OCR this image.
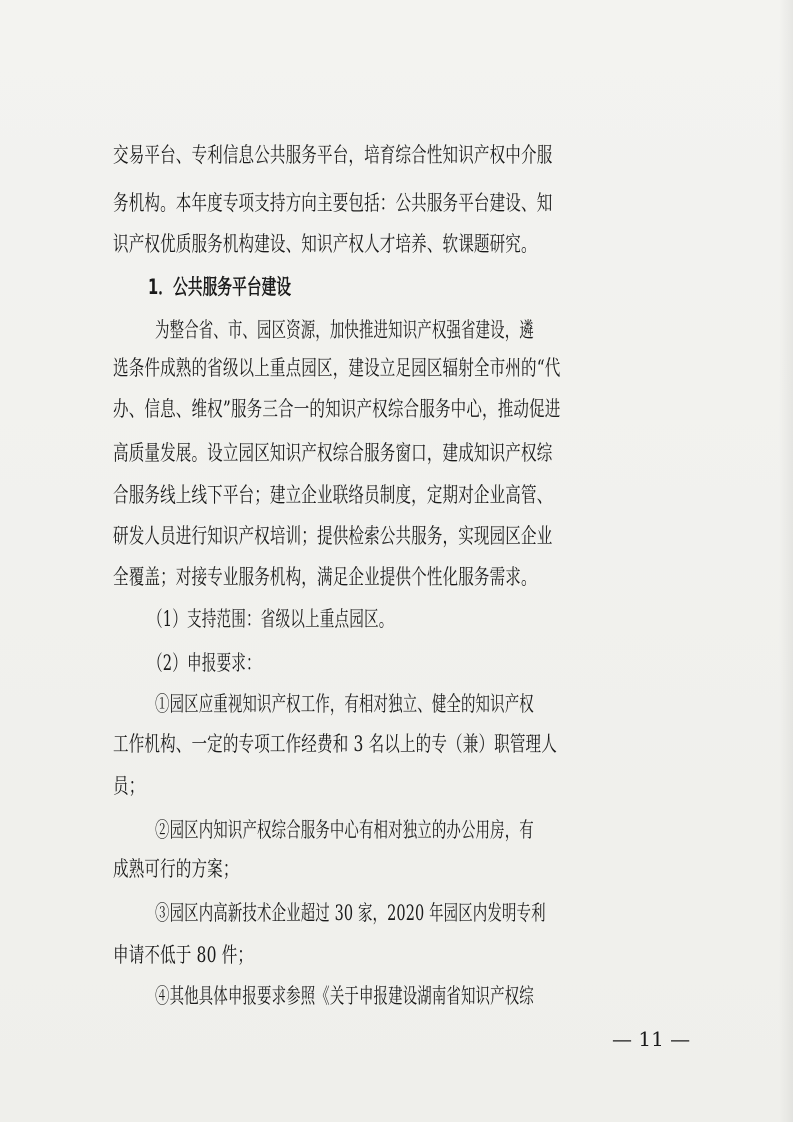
交易平台、专利信息公共服务平台，培育综合性知识产权中介服
务机构。本年度专项支持方向主要包括：公共服务平台建设、知
识产权优质服务机构建设、知识产权人才培养、软课题研究。
1．公共服务平台建设
为整合省、市、园区资源，加快推进知识产权强省建设，遴
选条件成熟的省级以上重点园区，建设立足园区辐射全市州的“代
办、信息、维权”服务三合一的知识产权综合服务中心，推动促进
高质量发展。设立园区知识产权综合服务窗口，建成知识产权综
合服务线上线下平台；建立企业联络员制度，定期对企业高管、
研发人员进行知识产权培训；提供检索公共服务，实现园区企业
全覆盖；对接专业服务机构，满足企业提供个性化服务需求。
（1）支持范围：省级以上重点园区。
（2）申报要求：
①园区应重视知识产权工作，有相对独立、健全的知识产权
工作机构、一定的专项工作经费和 3 名以上的专（兼）职管理人
员；
②园区内知识产权综合服务中心有相对独立的办公用房，有
成熟可行的方案；
③园区内高新技术企业超过 30 家，2020 年园区内发明专利
申请不低于 80 件；
④其他具体申报要求参照《关于申报建设湖南省知识产权综
— 11 —
